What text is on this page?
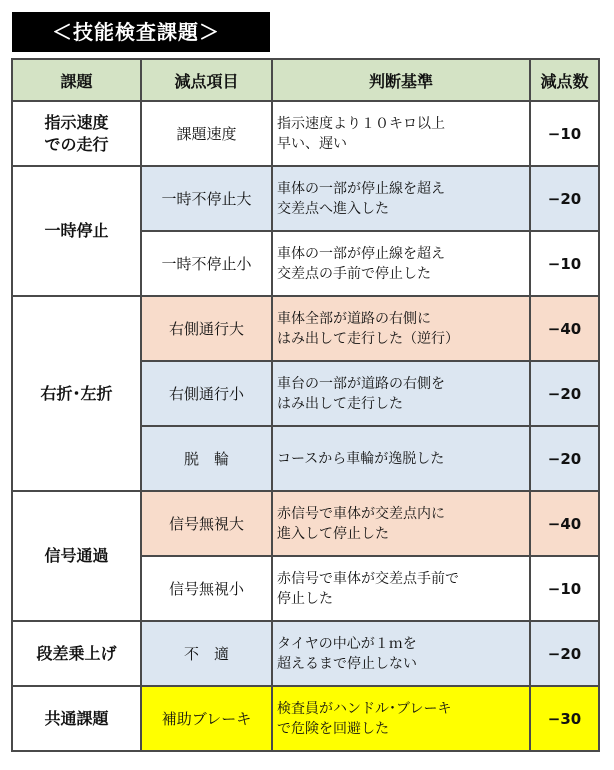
＜技能検査課題＞
課題	減点項目	判断基準	減点数
指示速度
での走行	課題速度	指示速度より１０キロ以上
早い、遅い	−10
一時停止	一時不停止大	車体の一部が停止線を超え
交差点へ進入した	−20
	一時不停止小	車体の一部が停止線を超え
交差点の手前で停止した	−10
右折･左折	右側通行大	車体全部が道路の右側に
はみ出して走行した（逆行）	−40
	右側通行小	車台の一部が道路の右側を
はみ出して走行した	−20
	脱　輪	コースから車輪が逸脱した	−20
信号通過	信号無視大	赤信号で車体が交差点内に
進入して停止した	−40
	信号無視小	赤信号で車体が交差点手前で
停止した	−10
段差乗上げ	不　適	タイヤの中心が１ｍを
超えるまで停止しない	−20
共通課題	補助ブレーキ	検査員がハンドル･ブレーキ
で危険を回避した	−30
